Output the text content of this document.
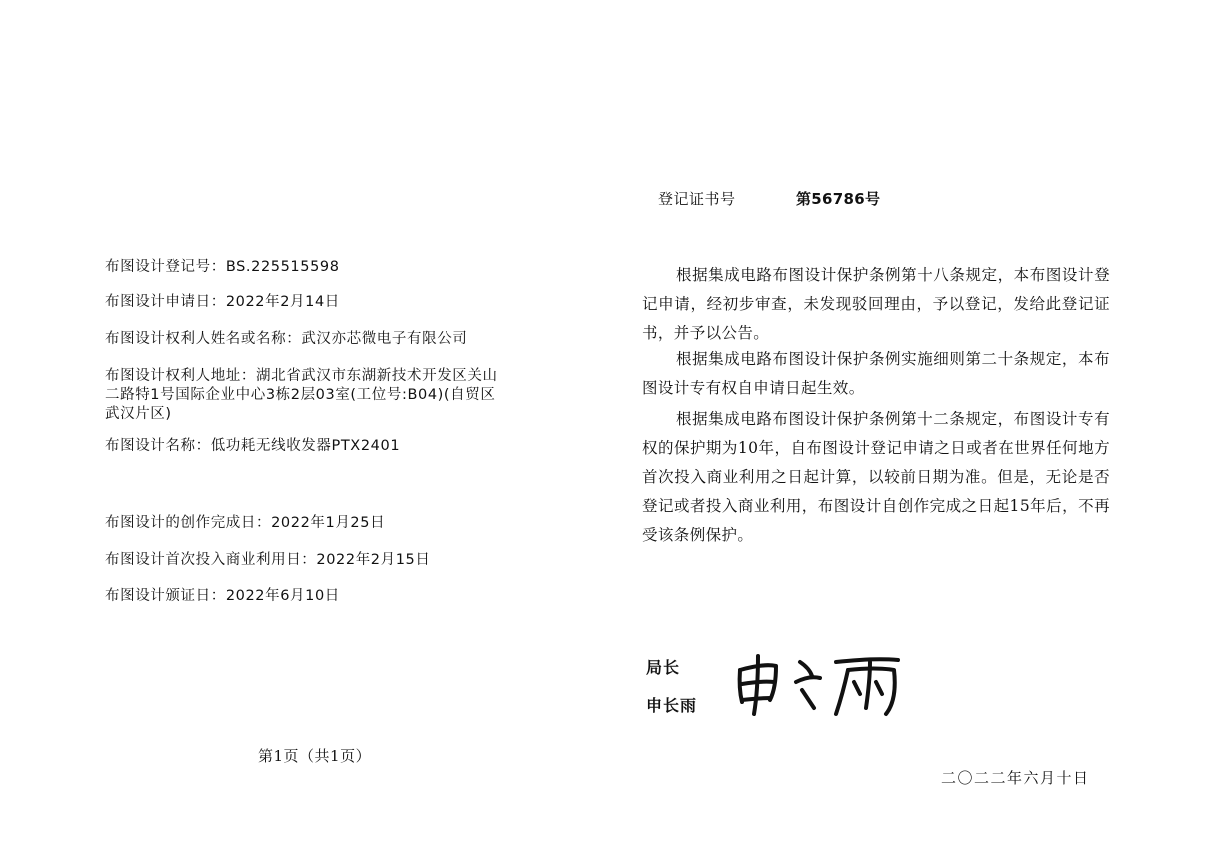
布图设计登记号：BS.225515598
布图设计申请日：2022年2月14日
布图设计权利人姓名或名称：武汉亦芯微电子有限公司
布图设计权利人地址：湖北省武汉市东湖新技术开发区关山二路特1号国际企业中心3栋2层03室(工位号:B04)(自贸区武汉片区)
布图设计名称：低功耗无线收发器PTX2401
布图设计的创作完成日：2022年1月25日
布图设计首次投入商业利用日：2022年2月15日
布图设计颁证日：2022年6月10日
登记证书号	第56786号
根据集成电路布图设计保护条例第十八条规定，本布图设计登记申请，经初步审查，未发现驳回理由，予以登记，发给此登记证书，并予以公告。
根据集成电路布图设计保护条例实施细则第二十条规定，本布图设计专有权自申请日起生效。
根据集成电路布图设计保护条例第十二条规定，布图设计专有权的保护期为10年，自布图设计登记申请之日或者在世界任何地方首次投入商业利用之日起计算，以较前日期为准。但是，无论是否登记或者投入商业利用，布图设计自创作完成之日起15年后，不再受该条例保护。
局长
申长雨
第1页（共1页）
二〇二二年六月十日
